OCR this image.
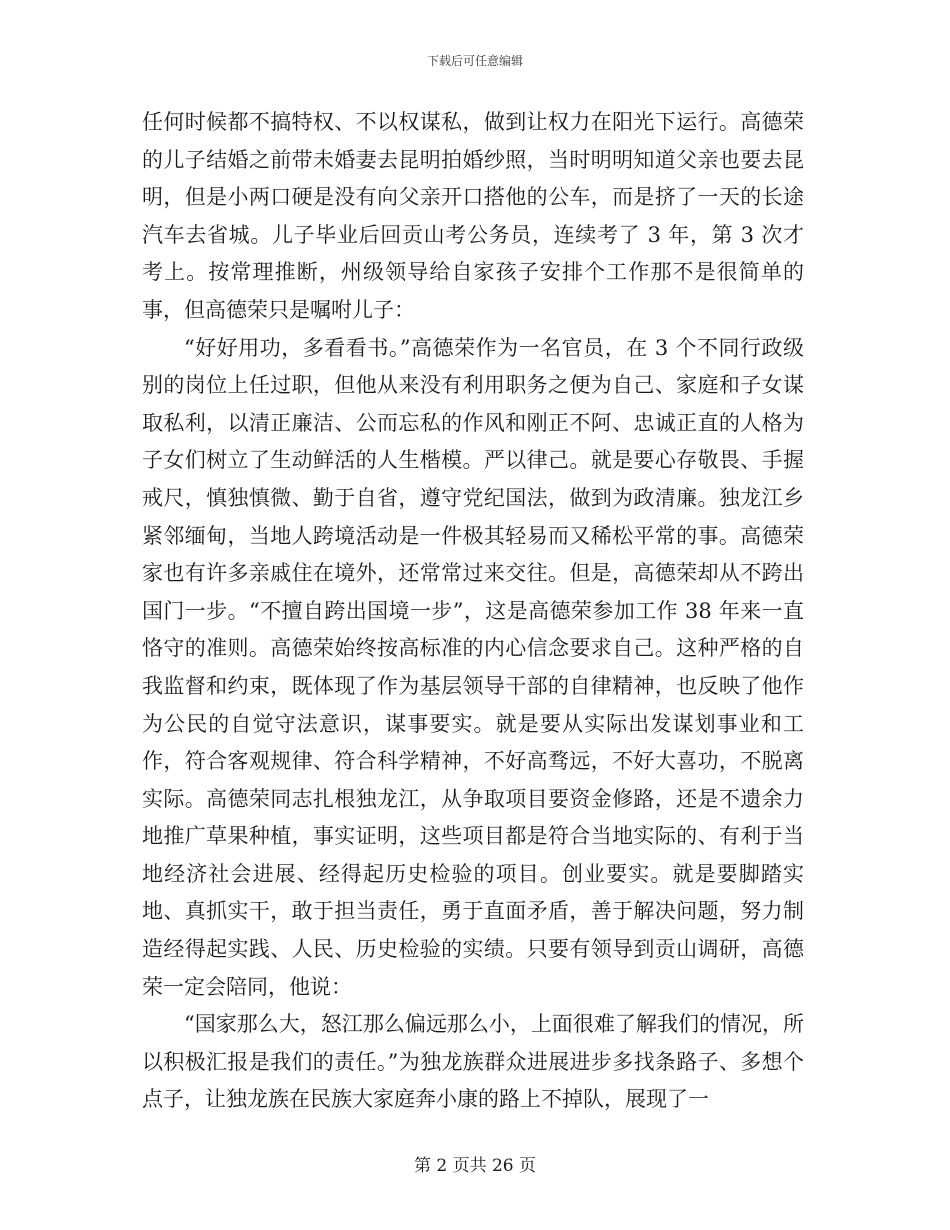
下载后可任意编辑

任何时候都不搞特权、不以权谋私，做到让权力在阳光下运行。高德荣的儿子结婚之前带未婚妻去昆明拍婚纱照，当时明明知道父亲也要去昆明，但是小两口硬是没有向父亲开口搭他的公车，而是挤了一天的长途汽车去省城。儿子毕业后回贡山考公务员，连续考了 3 年，第 3 次才考上。按常理推断，州级领导给自家孩子安排个工作那不是很简单的事，但高德荣只是嘱咐儿子：

“好好用功，多看看书。”高德荣作为一名官员，在 3 个不同行政级别的岗位上任过职，但他从来没有利用职务之便为自己、家庭和子女谋取私利，以清正廉洁、公而忘私的作风和刚正不阿、忠诚正直的人格为子女们树立了生动鲜活的人生楷模。严以律己。就是要心存敬畏、手握戒尺，慎独慎微、勤于自省，遵守党纪国法，做到为政清廉。独龙江乡紧邻缅甸，当地人跨境活动是一件极其轻易而又稀松平常的事。高德荣家也有许多亲戚住在境外，还常常过来交往。但是，高德荣却从不跨出国门一步。“不擅自跨出国境一步”，这是高德荣参加工作 38 年来一直恪守的准则。高德荣始终按高标准的内心信念要求自己。这种严格的自我监督和约束，既体现了作为基层领导干部的自律精神，也反映了他作为公民的自觉守法意识，谋事要实。就是要从实际出发谋划事业和工作，符合客观规律、符合科学精神，不好高骛远，不好大喜功，不脱离实际。高德荣同志扎根独龙江，从争取项目要资金修路，还是不遗余力地推广草果种植，事实证明，这些项目都是符合当地实际的、有利于当地经济社会进展、经得起历史检验的项目。创业要实。就是要脚踏实地、真抓实干，敢于担当责任，勇于直面矛盾，善于解决问题，努力制造经得起实践、人民、历史检验的实绩。只要有领导到贡山调研，高德荣一定会陪同，他说：

“国家那么大，怒江那么偏远那么小，上面很难了解我们的情况，所以积极汇报是我们的责任。”为独龙族群众进展进步多找条路子、多想个点子，让独龙族在民族大家庭奔小康的路上不掉队，展现了一

第 2 页共 26 页
